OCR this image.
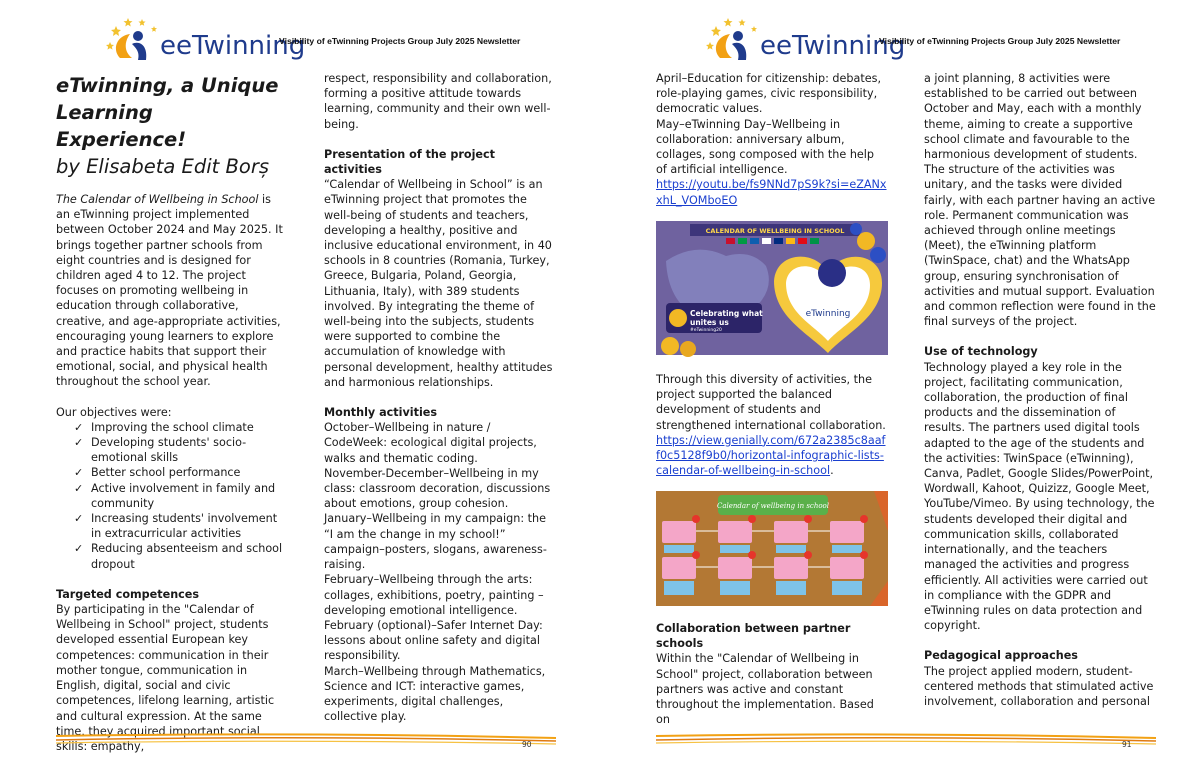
e eTwinning
Visibility of eTwinning Projects Group July 2025 Newsletter
eTwinning, a Unique Learning Experience!
by Elisabeta Edit Borș

The Calendar of Wellbeing in School is an eTwinning project implemented between October 2024 and May 2025. It brings together partner schools from eight countries and is designed for children aged 4 to 12. The project focuses on promoting wellbeing in education through collaborative, creative, and age-appropriate activities, encouraging young learners to explore and practice habits that support their emotional, social, and physical health throughout the school year.

Our objectives were:

✓ Improving the school climate
✓ Developing students' socio-emotional skills
✓ Better school performance
✓ Active involvement in family and community
✓ Increasing students' involvement in extracurricular activities
✓ Reducing absenteeism and school dropout

Targeted competences

By participating in the "Calendar of Wellbeing in School" project, students developed essential European key competences: communication in their mother tongue, communication in English, digital, social and civic competences, lifelong learning, artistic and cultural expression. At the same time, they acquired important social skills: empathy,

respect, responsibility and collaboration, forming a positive attitude towards learning, community and their own well-being.

Presentation of the project activities

“Calendar of Wellbeing in School” is an eTwinning project that promotes the well-being of students and teachers, developing a healthy, positive and inclusive educational environment, in 40 schools in 8 countries (Romania, Turkey, Greece, Bulgaria, Poland, Georgia, Lithuania, Italy), with 389 students involved. By integrating the theme of well-being into the subjects, students were supported to combine the accumulation of knowledge with personal development, healthy attitudes and harmonious relationships.

Monthly activities

October–Wellbeing in nature / CodeWeek: ecological digital projects, walks and thematic coding.

November-December–Wellbeing in my class: classroom decoration, discussions about emotions, group cohesion.

January–Wellbeing in my campaign: the “I am the change in my school!” campaign–posters, slogans, awareness-raising.

February–Wellbeing through the arts: collages, exhibitions, poetry, painting – developing emotional intelligence.

February (optional)–Safer Internet Day: lessons about online safety and digital responsibility.

March–Wellbeing through Mathematics, Science and ICT: interactive games, experiments, digital challenges, collective play.

90
e eTwinning
Visibility of eTwinning Projects Group July 2025 Newsletter

April–Education for citizenship: debates, role-playing games, civic responsibility, democratic values.

May–eTwinning Day–Wellbeing in collaboration: anniversary album, collages, song composed with the help of artificial intelligence.

https://youtu.be/fs9NNd7pS9k?si=eZANxxhL_VOMboEO

Through this diversity of activities, the project supported the balanced development of students and strengthened international collaboration.

https://view.genially.com/672a2385c8aaff0c5128f9b0/horizontal-infographic-lists-calendar-of-wellbeing-in-school.

Collaboration between partner schools

Within the "Calendar of Wellbeing in School" project, collaboration between partners was active and constant throughout the implementation. Based on

CALENDAR OF WELLBEING IN SCHOOL
Celebrating what
unites us
#eTwinning20
eTwinning
Calendar of wellbeing in school

a joint planning, 8 activities were established to be carried out between October and May, each with a monthly theme, aiming to create a supportive school climate and favourable to the harmonious development of students. The structure of the activities was unitary, and the tasks were divided fairly, with each partner having an active role. Permanent communication was achieved through online meetings (Meet), the eTwinning platform (TwinSpace, chat) and the WhatsApp group, ensuring synchronisation of activities and mutual support. Evaluation and common reflection were found in the final surveys of the project.

Use of technology

Technology played a key role in the project, facilitating communication, collaboration, the production of final products and the dissemination of results. The partners used digital tools adapted to the age of the students and the activities: TwinSpace (eTwinning), Canva, Padlet, Google Slides/PowerPoint, Wordwall, Kahoot, Quizizz, Google Meet, YouTube/Vimeo. By using technology, the students developed their digital and communication skills, collaborated internationally, and the teachers managed the activities and progress efficiently. All activities were carried out in compliance with the GDPR and eTwinning rules on data protection and copyright.

Pedagogical approaches

The project applied modern, student-centered methods that stimulated active involvement, collaboration and personal

91
